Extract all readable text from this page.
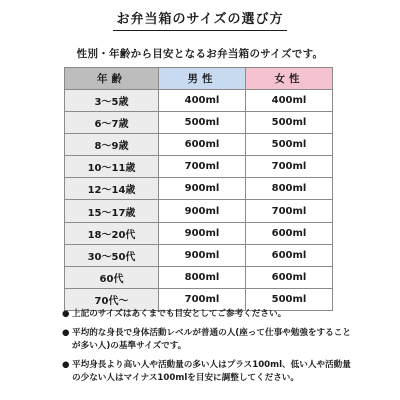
お弁当箱のサイズの選び方
性別・年齢から目安となるお弁当箱のサイズです。
年齢	男性	女性
3〜5歳	400ml	400ml
6〜7歳	500ml	500ml
8〜9歳	600ml	500ml
10〜11歳	700ml	700ml
12〜14歳	900ml	800ml
15〜17歳	900ml	700ml
18〜20代	900ml	600ml
30〜50代	900ml	600ml
60代	800ml	600ml
70代〜	700ml	500ml
● 上記のサイズはあくまでも目安としてご参考ください。
● 平均的な身長で身体活動レベルが普通の人(座って仕事や勉強をすることが多い人)の基準サイズです。
● 平均身長より高い人や活動量の多い人はプラス100ml、低い人や活動量の少ない人はマイナス100mlを目安に調整してください。
